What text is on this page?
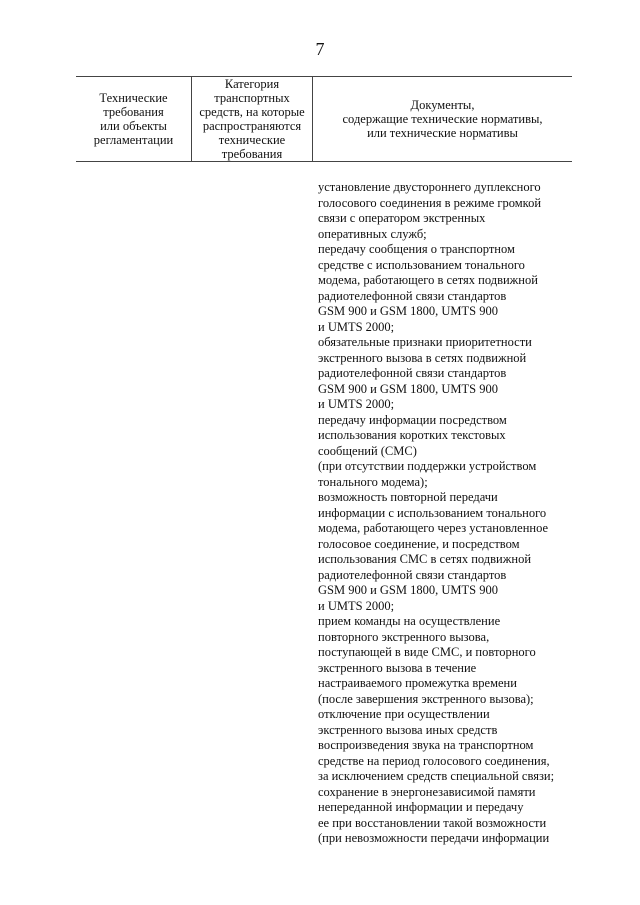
7
Технические
требования
или объекты
регламентации
Категория
транспортных
средств, на которые
распространяются
технические
требования
Документы,
содержащие технические нормативы,
или технические нормативы
установление двустороннего дуплексного
голосового соединения в режиме громкой
связи с оператором экстренных
оперативных служб;
передачу сообщения о транспортном
средстве с использованием тонального
модема, работающего в сетях подвижной
радиотелефонной связи стандартов
GSM 900 и GSM 1800, UMTS 900
и UMTS 2000;
обязательные признаки приоритетности
экстренного вызова в сетях подвижной
радиотелефонной связи стандартов
GSM 900 и GSM 1800, UMTS 900
и UMTS 2000;
передачу информации посредством
использования коротких текстовых
сообщений (СМС)
(при отсутствии поддержки устройством
тонального модема);
возможность повторной передачи
информации с использованием тонального
модема, работающего через установленное
голосовое соединение, и посредством
использования СМС в сетях подвижной
радиотелефонной связи стандартов
GSM 900 и GSM 1800, UMTS 900
и UMTS 2000;
прием команды на осуществление
повторного экстренного вызова,
поступающей в виде СМС, и повторного
экстренного вызова в течение
настраиваемого промежутка времени
(после завершения экстренного вызова);
отключение при осуществлении
экстренного вызова иных средств
воспроизведения звука на транспортном
средстве на период голосового соединения,
за исключением средств специальной связи;
сохранение в энергонезависимой памяти
непереданной информации и передачу
ее при восстановлении такой возможности
(при невозможности передачи информации
